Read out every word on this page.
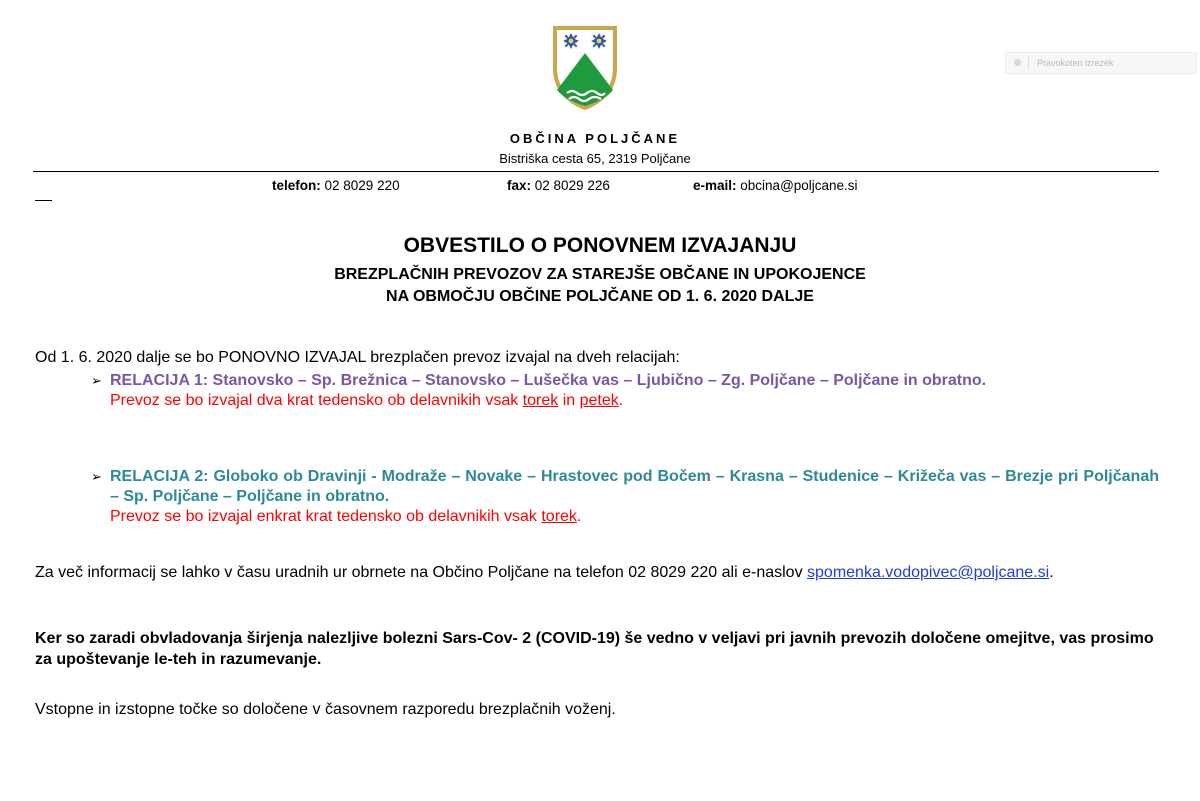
Pravokoten izrezek
OBČINA POLJČANE
Bistriška cesta 65, 2319 Poljčane
telefon: 02 8029 220	fax: 02 8029 226	e-mail: obcina@poljcane.si
OBVESTILO O PONOVNEM IZVAJANJU
BREZPLAČNIH PREVOZOV ZA STAREJŠE OBČANE IN UPOKOJENCE
NA OBMOČJU OBČINE POLJČANE OD 1. 6. 2020 DALJE
Od 1. 6. 2020 dalje se bo PONOVNO IZVAJAL brezplačen prevoz izvajal na dveh relacijah:
➢ RELACIJA 1: Stanovsko – Sp. Brežnica – Stanovsko – Lušečka vas – Ljubično – Zg. Poljčane – Poljčane in obratno.
Prevoz se bo izvajal dva krat tedensko ob delavnikih vsak torek in petek.
➢ RELACIJA 2: Globoko ob Dravinji - Modraže – Novake – Hrastovec pod Bočem – Krasna – Studenice – Križeča vas – Brezje pri Poljčanah – Sp. Poljčane – Poljčane in obratno.
Prevoz se bo izvajal enkrat krat tedensko ob delavnikih vsak torek.
Za več informacij se lahko v času uradnih ur obrnete na Občino Poljčane na telefon 02 8029 220 ali e-naslov spomenka.vodopivec@poljcane.si.
Ker so zaradi obvladovanja širjenja nalezljive bolezni Sars-Cov- 2 (COVID-19) še vedno v veljavi pri javnih prevozih določene omejitve, vas prosimo za upoštevanje le-teh in razumevanje.
Vstopne in izstopne točke so določene v časovnem razporedu brezplačnih voženj.
